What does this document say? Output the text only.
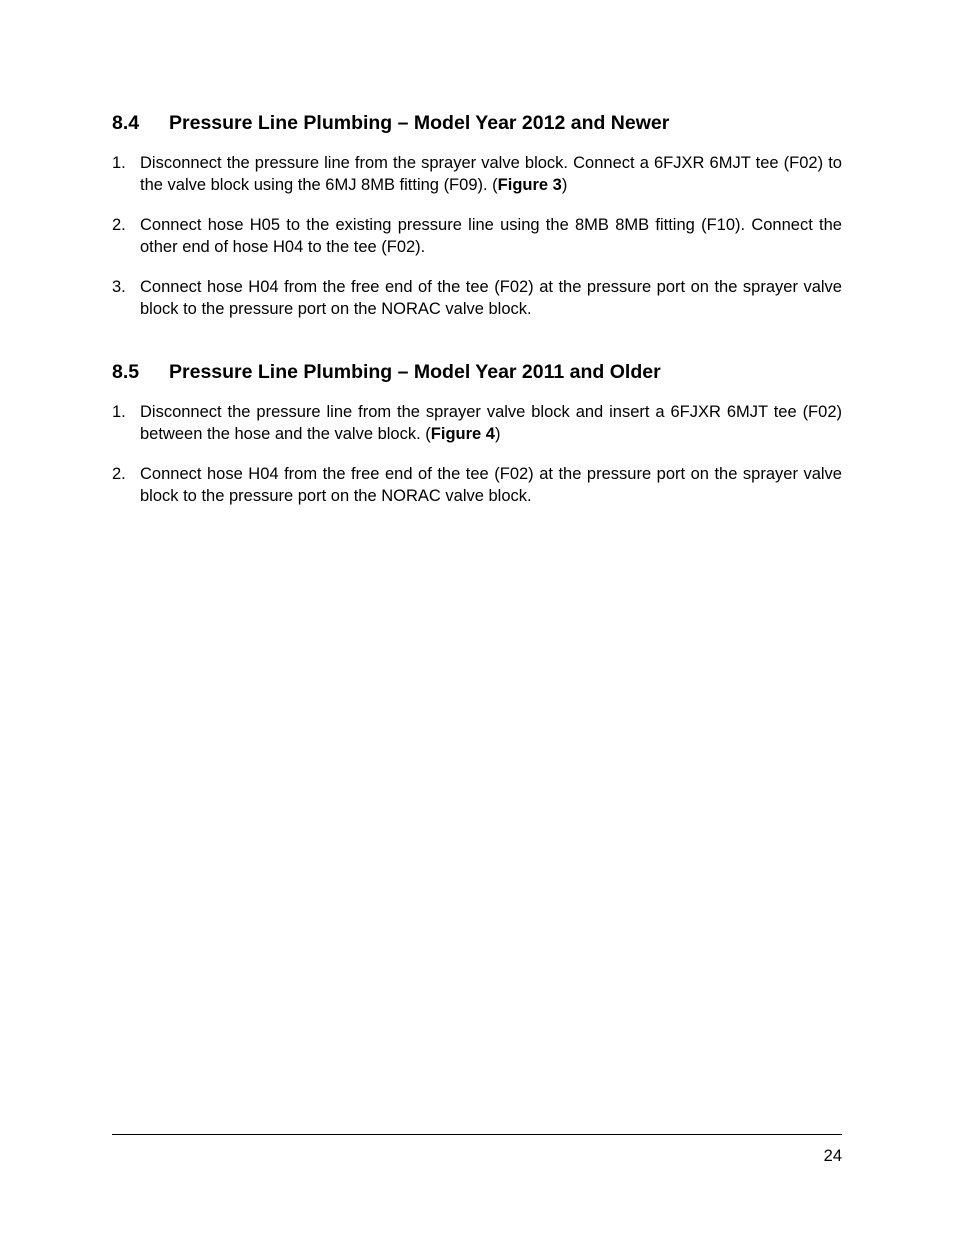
8.4	Pressure Line Plumbing – Model Year 2012 and Newer
1. Disconnect the pressure line from the sprayer valve block. Connect a 6FJXR 6MJT tee (F02) to the valve block using the 6MJ 8MB fitting (F09). (Figure 3)
2. Connect hose H05 to the existing pressure line using the 8MB 8MB fitting (F10). Connect the other end of hose H04 to the tee (F02).
3. Connect hose H04 from the free end of the tee (F02) at the pressure port on the sprayer valve block to the pressure port on the NORAC valve block.
8.5	Pressure Line Plumbing – Model Year 2011 and Older
1. Disconnect the pressure line from the sprayer valve block and insert a 6FJXR 6MJT tee (F02) between the hose and the valve block. (Figure 4)
2. Connect hose H04 from the free end of the tee (F02) at the pressure port on the sprayer valve block to the pressure port on the NORAC valve block.
24
